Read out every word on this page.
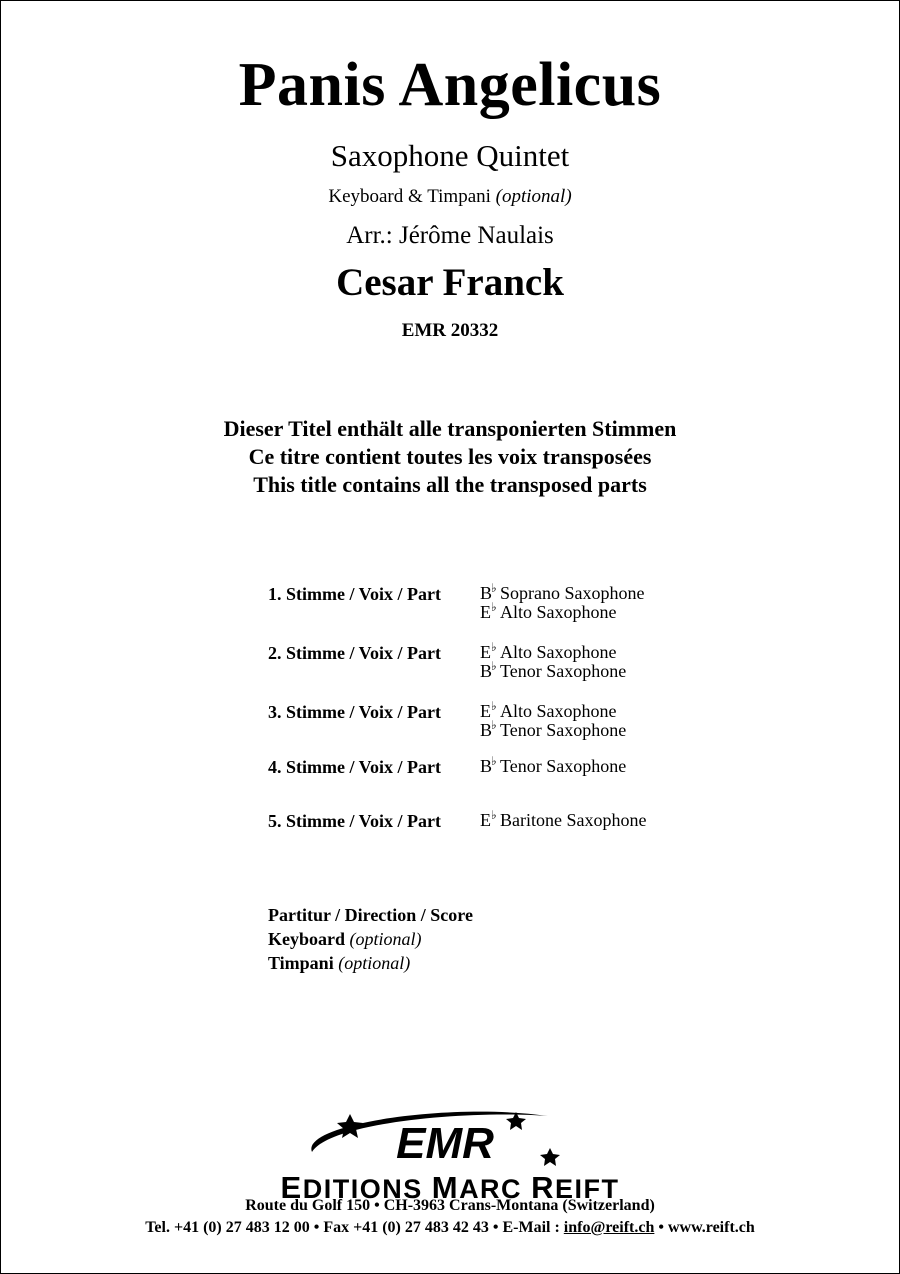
Panis Angelicus
Saxophone Quintet
Keyboard & Timpani (optional)
Arr.: Jérôme Naulais
Cesar Franck
EMR 20332
Dieser Titel enthält alle transponierten Stimmen
Ce titre contient toutes les voix transposées
This title contains all the transposed parts
1. Stimme / Voix / Part B
♭ Soprano Saxophone
E ♭ Alto Saxophone
2. Stimme / Voix / Part E ♭ Alto Saxophone
B
♭ Tenor Saxophone
3. Stimme / Voix / Part E ♭ Alto Saxophone
B
♭ Tenor Saxophone
4. Stimme / Voix / Part B
♭ Tenor Saxophone
5. Stimme / Voix / Part E ♭ Baritone Saxophone
Partitur / Direction / Score
Keyboard (optional)
Timpani (optional)
EMR
EDITIONS MARC REIFT
Route du Golf 150 • CH-3963 Crans-Montana (Switzerland)
Tel. +41 (0) 27 483 12 00 • Fax +41 (0) 27 483 42 43 • E-Mail : info@reift.ch • www.reift.ch
